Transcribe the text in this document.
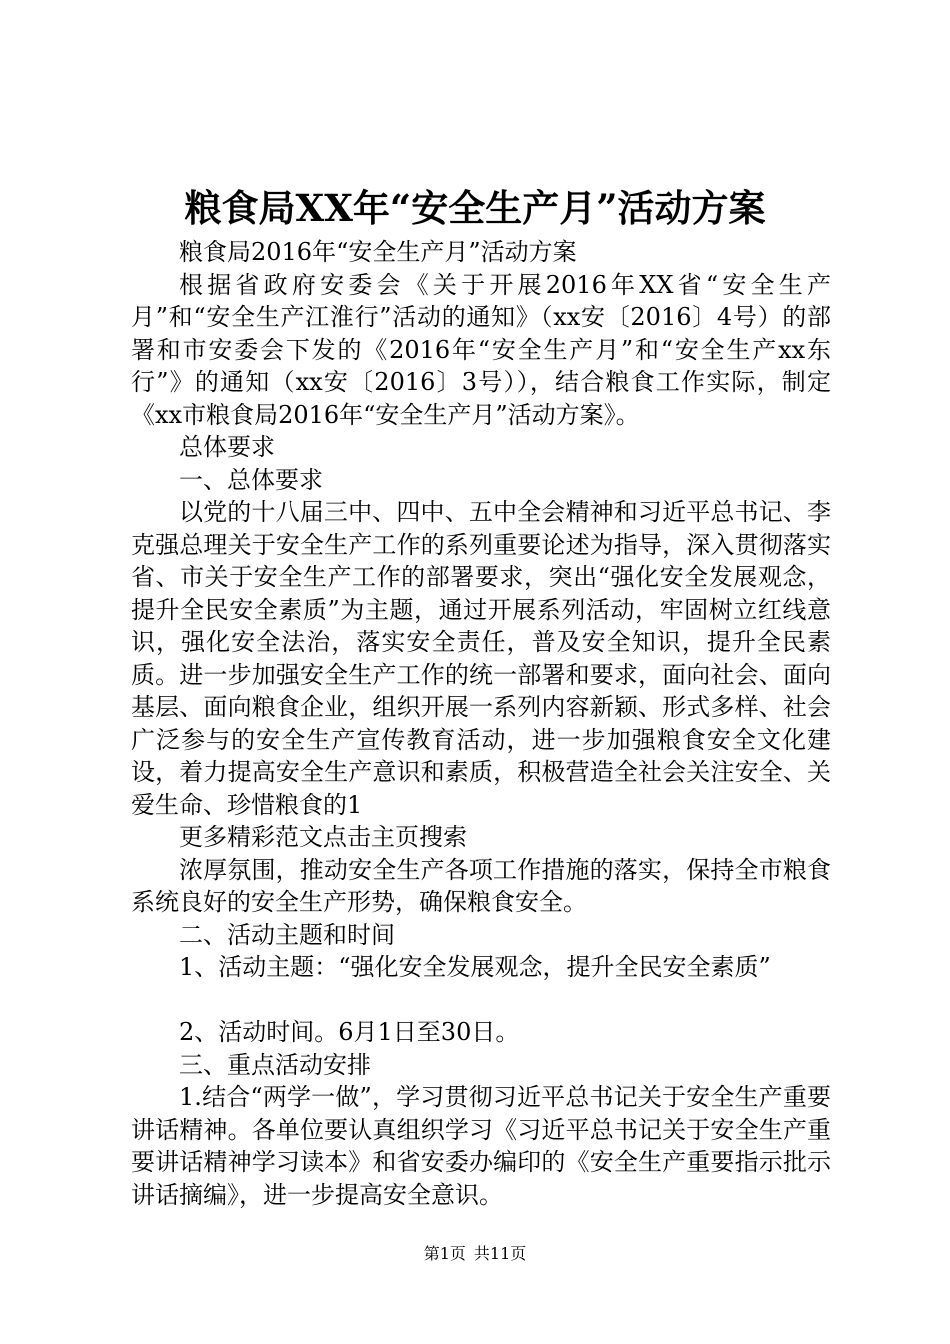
粮食局XX年“安全生产月”活动方案

粮食局2016年“安全生产月”活动方案

根据省政府安委会《关于开展2016年XX省“安全生产月”和“安全生产江淮行”活动的通知》（xx安〔2016〕4号）的部署和市安委会下发的《2016年“安全生产月”和“安全生产xx东行”》的通知（xx安〔2016〕3号）），结合粮食工作实际，制定《xx市粮食局2016年“安全生产月”活动方案》。

总体要求

一、总体要求

以党的十八届三中、四中、五中全会精神和习近平总书记、李克强总理关于安全生产工作的系列重要论述为指导，深入贯彻落实省、市关于安全生产工作的部署要求，突出“强化安全发展观念，提升全民安全素质”为主题，通过开展系列活动，牢固树立红线意识，强化安全法治，落实安全责任，普及安全知识，提升全民素质。进一步加强安全生产工作的统一部署和要求，面向社会、面向基层、面向粮食企业，组织开展一系列内容新颖、形式多样、社会广泛参与的安全生产宣传教育活动，进一步加强粮食安全文化建设，着力提高安全生产意识和素质，积极营造全社会关注安全、关爱生命、珍惜粮食的1

更多精彩范文点击主页搜索

浓厚氛围，推动安全生产各项工作措施的落实，保持全市粮食系统良好的安全生产形势，确保粮食安全。

二、活动主题和时间

1、活动主题：“强化安全发展观念，提升全民安全素质”

2、活动时间。6月1日至30日。

三、重点活动安排

1.结合“两学一做”，学习贯彻习近平总书记关于安全生产重要讲话精神。各单位要认真组织学习《习近平总书记关于安全生产重要讲话精神学习读本》和省安委办编印的《安全生产重要指示批示讲话摘编》，进一步提高安全意识。

第1页 共11页
